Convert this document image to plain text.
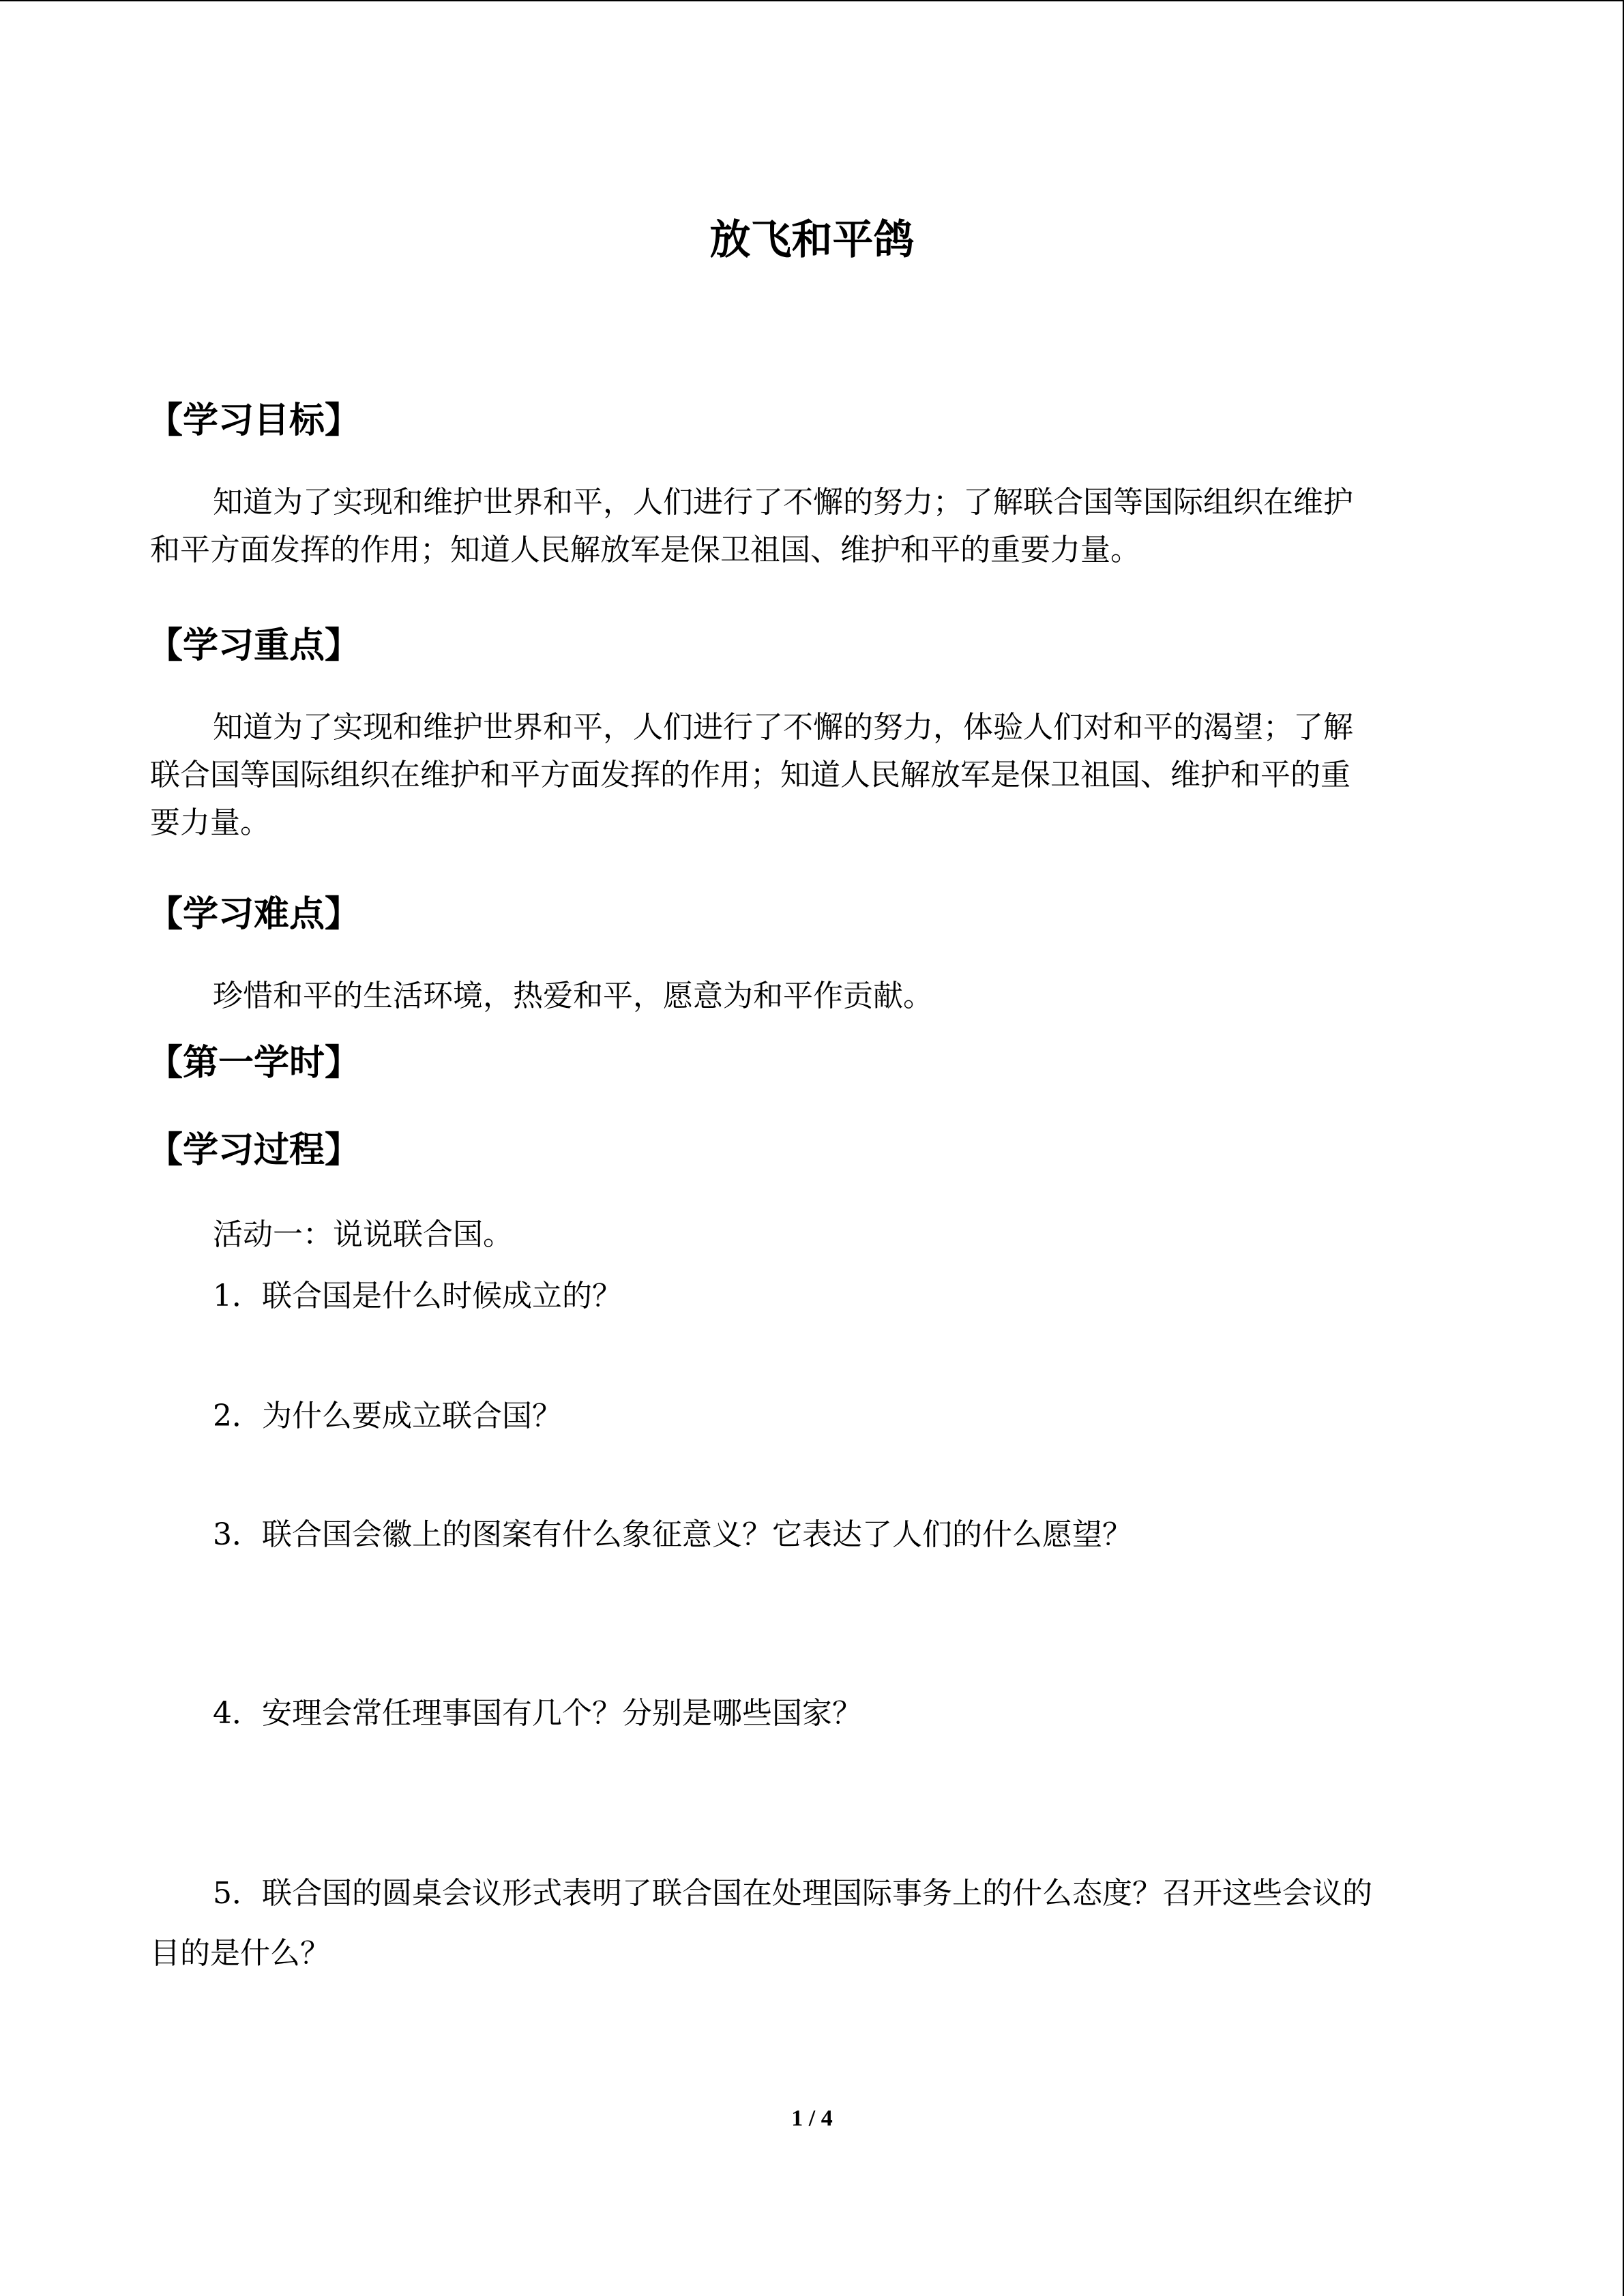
放飞和平鸽
【学习目标】
知道为了实现和维护世界和平，人们进行了不懈的努力；了解联合国等国际组织在维护
和平方面发挥的作用；知道人民解放军是保卫祖国、维护和平的重要力量。
【学习重点】
知道为了实现和维护世界和平，人们进行了不懈的努力，体验人们对和平的渴望；了解
联合国等国际组织在维护和平方面发挥的作用；知道人民解放军是保卫祖国、维护和平的重
要力量。
【学习难点】
珍惜和平的生活环境，热爱和平，愿意为和平作贡献。
【第一学时】
【学习过程】
活动一：说说联合国。
1．联合国是什么时候成立的？
2．为什么要成立联合国？
3．联合国会徽上的图案有什么象征意义？它表达了人们的什么愿望？
4．安理会常任理事国有几个？分别是哪些国家？
5．联合国的圆桌会议形式表明了联合国在处理国际事务上的什么态度？召开这些会议的
目的是什么？
1 / 4
